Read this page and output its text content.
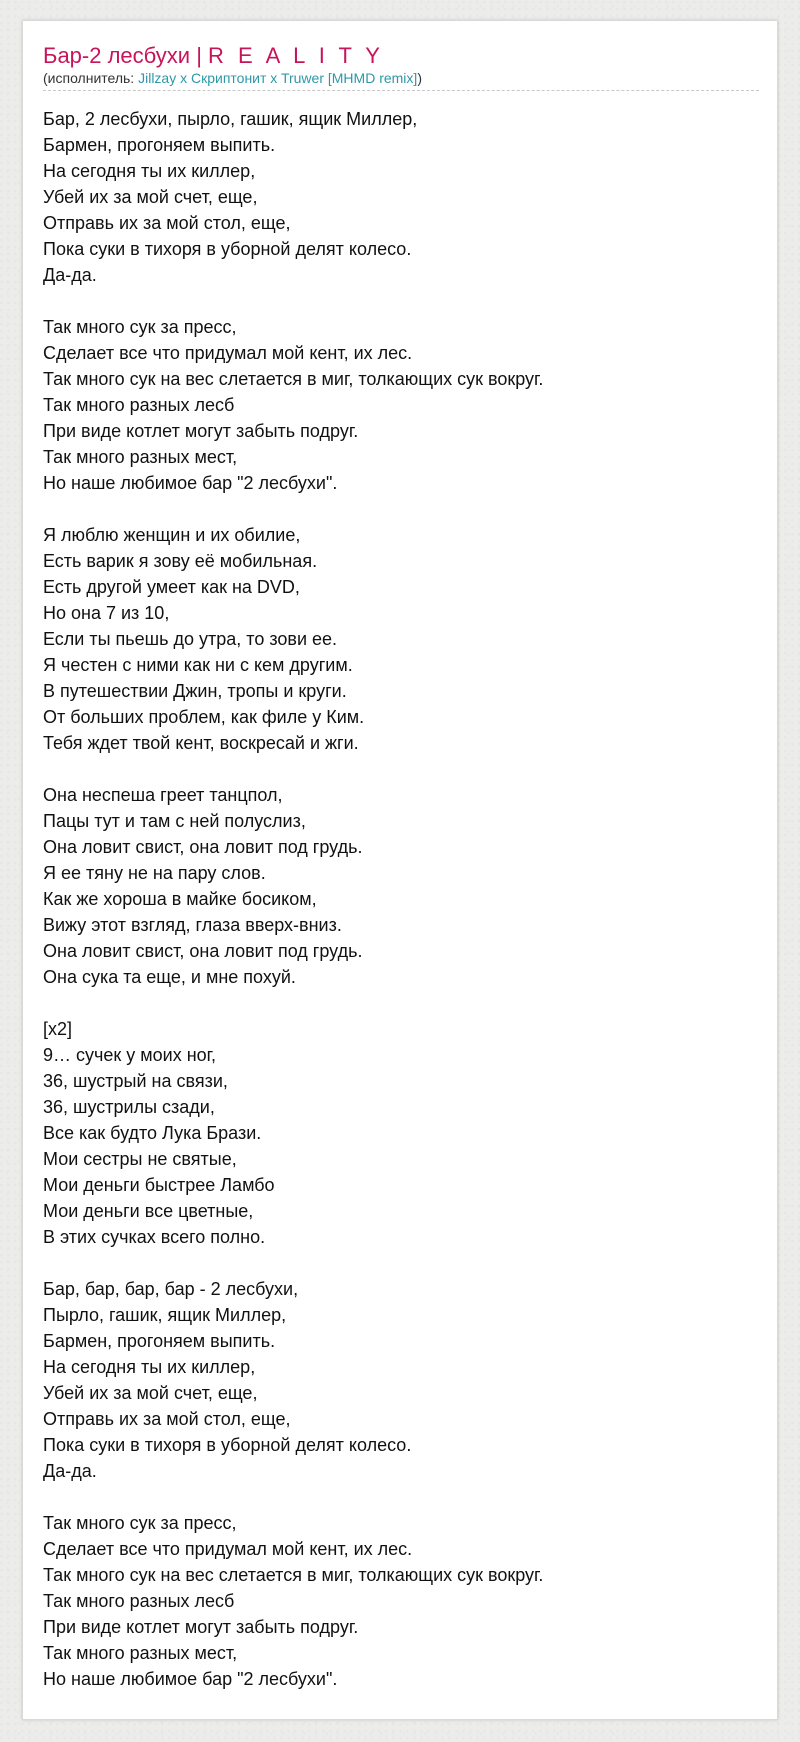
Бар-2 лесбухи | R E A L I T Y
(исполнитель: Jillzay x Скриптонит x Truwer [MHMD remix])
Бар, 2 лесбухи, пырло, гашик, ящик Миллер,
Бармен, прогоняем выпить.
На сегодня ты их киллер,
Убей их за мой счет, еще,
Отправь их за мой стол, еще,
Пока суки в тихоря в уборной делят колесо.
Да-да.
Так много сук за пресс,
Сделает все что придумал мой кент, их лес.
Так много сук на вес слетается в миг, толкающих сук вокруг.
Так много разных лесб
При виде котлет могут забыть подруг.
Так много разных мест,
Но наше любимое бар "2 лесбухи".
Я люблю женщин и их обилие,
Есть варик я зову её мобильная.
Есть другой умеет как на DVD,
Но она 7 из 10,
Если ты пьешь до утра, то зови ее.
Я честен с ними как ни с кем другим.
В путешествии Джин, тропы и круги.
От больших проблем, как филе у Ким.
Тебя ждет твой кент, воскресай и жги.
Она неспеша греет танцпол,
Пацы тут и там с ней полуслиз,
Она ловит свист, она ловит под грудь.
Я ее тяну не на пару слов.
Как же хороша в майке босиком,
Вижу этот взгляд, глаза вверх-вниз.
Она ловит свист, она ловит под грудь.
Она сука та еще, и мне похуй.
[x2]
9… сучек у моих ног,
36, шустрый на связи,
36, шустрилы сзади,
Все как будто Лука Брази.
Мои сестры не святые,
Мои деньги быстрее Ламбо
Мои деньги все цветные,
В этих сучках всего полно.
Бар, бар, бар, бар - 2 лесбухи,
Пырло, гашик, ящик Миллер,
Бармен, прогоняем выпить.
На сегодня ты их киллер,
Убей их за мой счет, еще,
Отправь их за мой стол, еще,
Пока суки в тихоря в уборной делят колесо.
Да-да.
Так много сук за пресс,
Сделает все что придумал мой кент, их лес.
Так много сук на вес слетается в миг, толкающих сук вокруг.
Так много разных лесб
При виде котлет могут забыть подруг.
Так много разных мест,
Но наше любимое бар "2 лесбухи".
